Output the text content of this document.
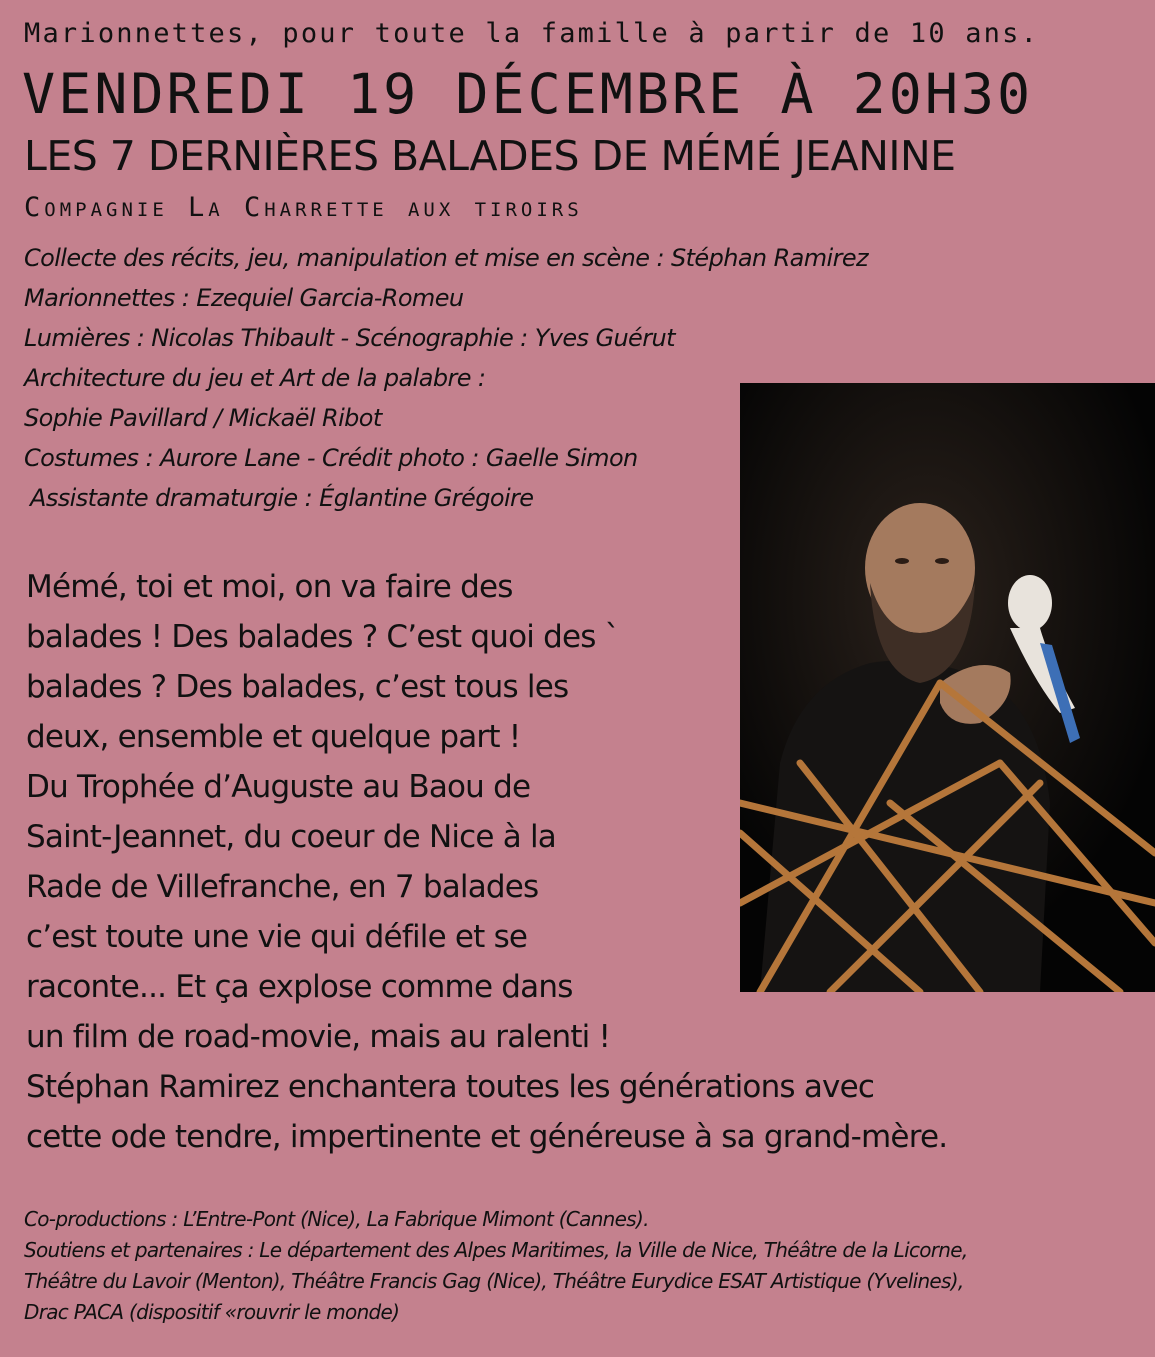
Marionnettes, pour toute la famille à partir de 10 ans.
VENDREDI 19 DÉCEMBRE À 20H30
LES 7 DERNIÈRES BALADES DE MÉMÉ JEANINE
Compagnie La Charrette aux tiroirs
Collecte des récits, jeu, manipulation et mise en scène : Stéphan Ramirez
Marionnettes : Ezequiel Garcia-Romeu
Lumières : Nicolas Thibault - Scénographie : Yves Guérut
Architecture du jeu et Art de la palabre :
Sophie Pavillard / Mickaël Ribot
Costumes : Aurore Lane - Crédit photo : Gaelle Simon
Assistante dramaturgie : Églantine Grégoire
Mémé, toi et moi, on va faire des
balades ! Des balades ? C’est quoi des `
balades ? Des balades, c’est tous les
deux, ensemble et quelque part !
Du Trophée d’Auguste au Baou de
Saint-Jeannet, du coeur de Nice à la
Rade de Villefranche, en 7 balades
c’est toute une vie qui défile et se
raconte... Et ça explose comme dans
un film de road-movie, mais au ralenti !
Stéphan Ramirez enchantera toutes les générations avec
cette ode tendre, impertinente et généreuse à sa grand-mère.
Co-productions : L’Entre-Pont (Nice), La Fabrique Mimont (Cannes).
Soutiens et partenaires : Le département des Alpes Maritimes, la Ville de Nice, Théâtre de la Licorne,
Théâtre du Lavoir (Menton), Théâtre Francis Gag (Nice), Théâtre Eurydice ESAT Artistique (Yvelines),
Drac PACA (dispositif «rouvrir le monde)
